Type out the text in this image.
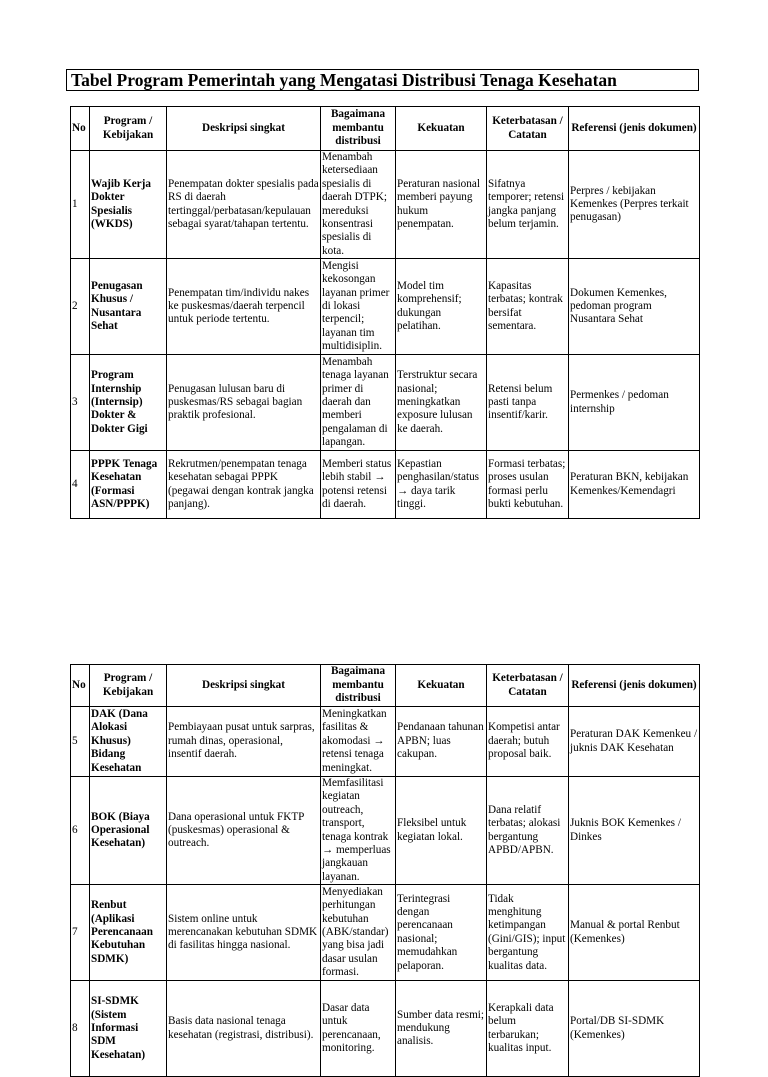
Tabel Program Pemerintah yang Mengatasi Distribusi Tenaga Kesehatan
No	Program / Kebijakan	Deskripsi singkat	Bagaimana membantu distribusi	Kekuatan	Keterbatasan / Catatan	Referensi (jenis dokumen)
1	Wajib Kerja Dokter Spesialis (WKDS)	Penempatan dokter spesialis pada RS di daerah tertinggal/perbatasan/kepulauan sebagai syarat/tahapan tertentu.	Menambah ketersediaan spesialis di daerah DTPK; mereduksi konsentrasi spesialis di kota.	Peraturan nasional memberi payung hukum penempatan.	Sifatnya temporer; retensi jangka panjang belum terjamin.	Perpres / kebijakan Kemenkes (Perpres terkait penugasan)
2	Penugasan Khusus / Nusantara Sehat	Penempatan tim/individu nakes ke puskesmas/daerah terpencil untuk periode tertentu.	Mengisi kekosongan layanan primer di lokasi terpencil; layanan tim multidisiplin.	Model tim komprehensif; dukungan pelatihan.	Kapasitas terbatas; kontrak bersifat sementara.	Dokumen Kemenkes, pedoman program Nusantara Sehat
3	Program Internship (Internsip) Dokter & Dokter Gigi	Penugasan lulusan baru di puskesmas/RS sebagai bagian praktik profesional.	Menambah tenaga layanan primer di daerah dan memberi pengalaman di lapangan.	Terstruktur secara nasional; meningkatkan exposure lulusan ke daerah.	Retensi belum pasti tanpa insentif/karir.	Permenkes / pedoman internship
4	PPPK Tenaga Kesehatan (Formasi ASN/PPPK)	Rekrutmen/penempatan tenaga kesehatan sebagai PPPK (pegawai dengan kontrak jangka panjang).	Memberi status lebih stabil → potensi retensi di daerah.	Kepastian penghasilan/status → daya tarik tinggi.	Formasi terbatas; proses usulan formasi perlu bukti kebutuhan.	Peraturan BKN, kebijakan Kemenkes/Kemendagri
No	Program / Kebijakan	Deskripsi singkat	Bagaimana membantu distribusi	Kekuatan	Keterbatasan / Catatan	Referensi (jenis dokumen)
5	DAK (Dana Alokasi Khusus) Bidang Kesehatan	Pembiayaan pusat untuk sarpras, rumah dinas, operasional, insentif daerah.	Meningkatkan fasilitas & akomodasi → retensi tenaga meningkat.	Pendanaan tahunan APBN; luas cakupan.	Kompetisi antar daerah; butuh proposal baik.	Peraturan DAK Kemenkeu / juknis DAK Kesehatan
6	BOK (Biaya Operasional Kesehatan)	Dana operasional untuk FKTP (puskesmas) operasional & outreach.	Memfasilitasi kegiatan outreach, transport, tenaga kontrak → memperluas jangkauan layanan.	Fleksibel untuk kegiatan lokal.	Dana relatif terbatas; alokasi bergantung APBD/APBN.	Juknis BOK Kemenkes / Dinkes
7	Renbut (Aplikasi Perencanaan Kebutuhan SDMK)	Sistem online untuk merencanakan kebutuhan SDMK di fasilitas hingga nasional.	Menyediakan perhitungan kebutuhan (ABK/standar) yang bisa jadi dasar usulan formasi.	Terintegrasi dengan perencanaan nasional; memudahkan pelaporan.	Tidak menghitung ketimpangan (Gini/GIS); input bergantung kualitas data.	Manual & portal Renbut (Kemenkes)
8	SI-SDMK (Sistem Informasi SDM Kesehatan)	Basis data nasional tenaga kesehatan (registrasi, distribusi).	Dasar data untuk perencanaan, monitoring.	Sumber data resmi; mendukung analisis.	Kerapkali data belum terbarukan; kualitas input.	Portal/DB SI-SDMK (Kemenkes)
